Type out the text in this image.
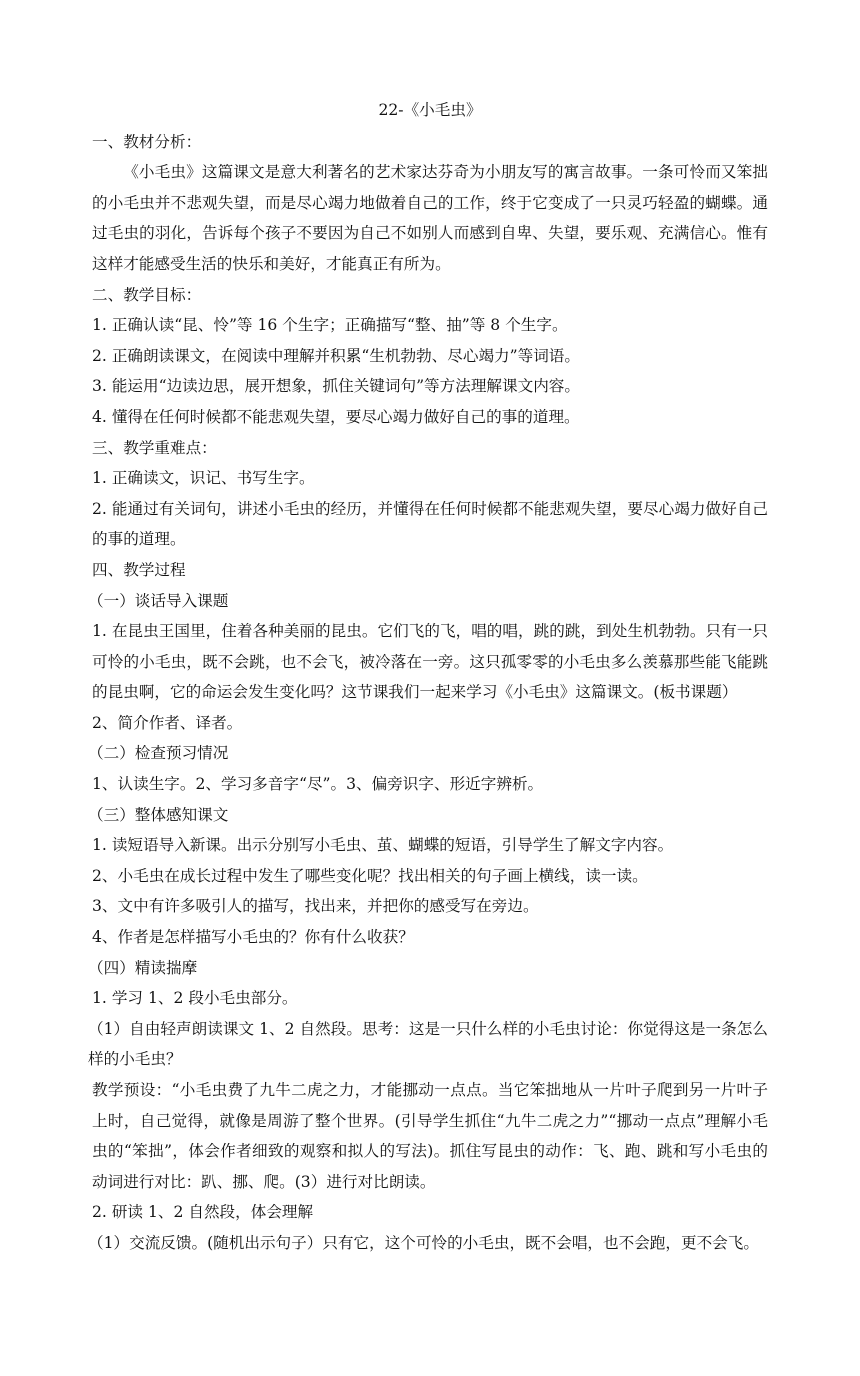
22-《小毛虫》

一、教材分析：

《小毛虫》这篇课文是意大利著名的艺术家达芬奇为小朋友写的寓言故事。一条可怜而又笨拙的小毛虫并不悲观失望，而是尽心竭力地做着自己的工作，终于它变成了一只灵巧轻盈的蝴蝶。通过毛虫的羽化，告诉每个孩子不要因为自己不如别人而感到自卑、失望，要乐观、充满信心。惟有这样才能感受生活的快乐和美好，才能真正有所为。

二、教学目标：

1. 正确认读“昆、怜”等 16 个生字；正确描写“整、抽”等 8 个生字。

2. 正确朗读课文，在阅读中理解并积累“生机勃勃、尽心竭力”等词语。

3. 能运用“边读边思，展开想象，抓住关键词句”等方法理解课文内容。

4. 懂得在任何时候都不能悲观失望，要尽心竭力做好自己的事的道理。

三、教学重难点：

1. 正确读文，识记、书写生字。

2. 能通过有关词句，讲述小毛虫的经历，并懂得在任何时候都不能悲观失望，要尽心竭力做好自己的事的道理。

四、教学过程

（一）谈话导入课题

1. 在昆虫王国里，住着各种美丽的昆虫。它们飞的飞，唱的唱，跳的跳，到处生机勃勃。只有一只可怜的小毛虫，既不会跳，也不会飞，被冷落在一旁。这只孤零零的小毛虫多么羡慕那些能飞能跳的昆虫啊，它的命运会发生变化吗？这节课我们一起来学习《小毛虫》这篇课文。(板书课题）

2、简介作者、译者。

（二）检查预习情况

1、认读生字。2、学习多音字“尽”。3、偏旁识字、形近字辨析。

（三）整体感知课文

1. 读短语导入新课。出示分别写小毛虫、茧、蝴蝶的短语，引导学生了解文字内容。

2、小毛虫在成长过程中发生了哪些变化呢？找出相关的句子画上横线，读一读。

3、文中有许多吸引人的描写，找出来，并把你的感受写在旁边。

4、作者是怎样描写小毛虫的？你有什么收获？

（四）精读揣摩

1. 学习 1、2 段小毛虫部分。

（1）自由轻声朗读课文 1、2 自然段。思考：这是一只什么样的小毛虫讨论：你觉得这是一条怎么样的小毛虫？

教学预设：“小毛虫费了九牛二虎之力，才能挪动一点点。当它笨拙地从一片叶子爬到另一片叶子上时，自己觉得，就像是周游了整个世界。(引导学生抓住“九牛二虎之力”“挪动一点点”理解小毛虫的“笨拙”，体会作者细致的观察和拟人的写法)。抓住写昆虫的动作：飞、跑、跳和写小毛虫的动词进行对比：趴、挪、爬。(3）进行对比朗读。

2. 研读 1、2 自然段，体会理解

（1）交流反馈。(随机出示句子）只有它，这个可怜的小毛虫，既不会唱，也不会跑，更不会飞。
